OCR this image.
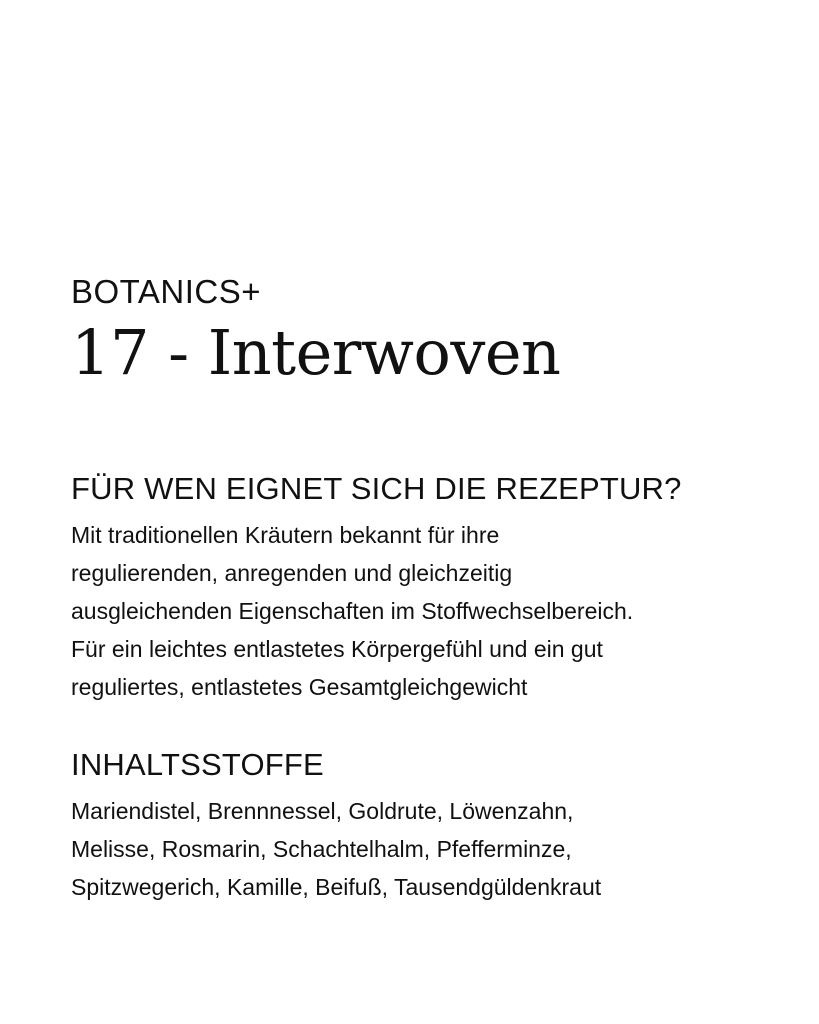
BOTANICS+
17 - Interwoven
FÜR WEN EIGNET SICH DIE REZEPTUR?

Mit traditionellen Kräutern bekannt für ihre
regulierenden, anregenden und gleichzeitig
ausgleichenden Eigenschaften im Stoffwechselbereich.
Für ein leichtes entlastetes Körpergefühl und ein gut
reguliertes, entlastetes Gesamtgleichgewicht

INHALTSSTOFFE

Mariendistel, Brennnessel, Goldrute, Löwenzahn,
Melisse, Rosmarin, Schachtelhalm, Pfefferminze,
Spitzwegerich, Kamille, Beifuß, Tausendgüldenkraut
